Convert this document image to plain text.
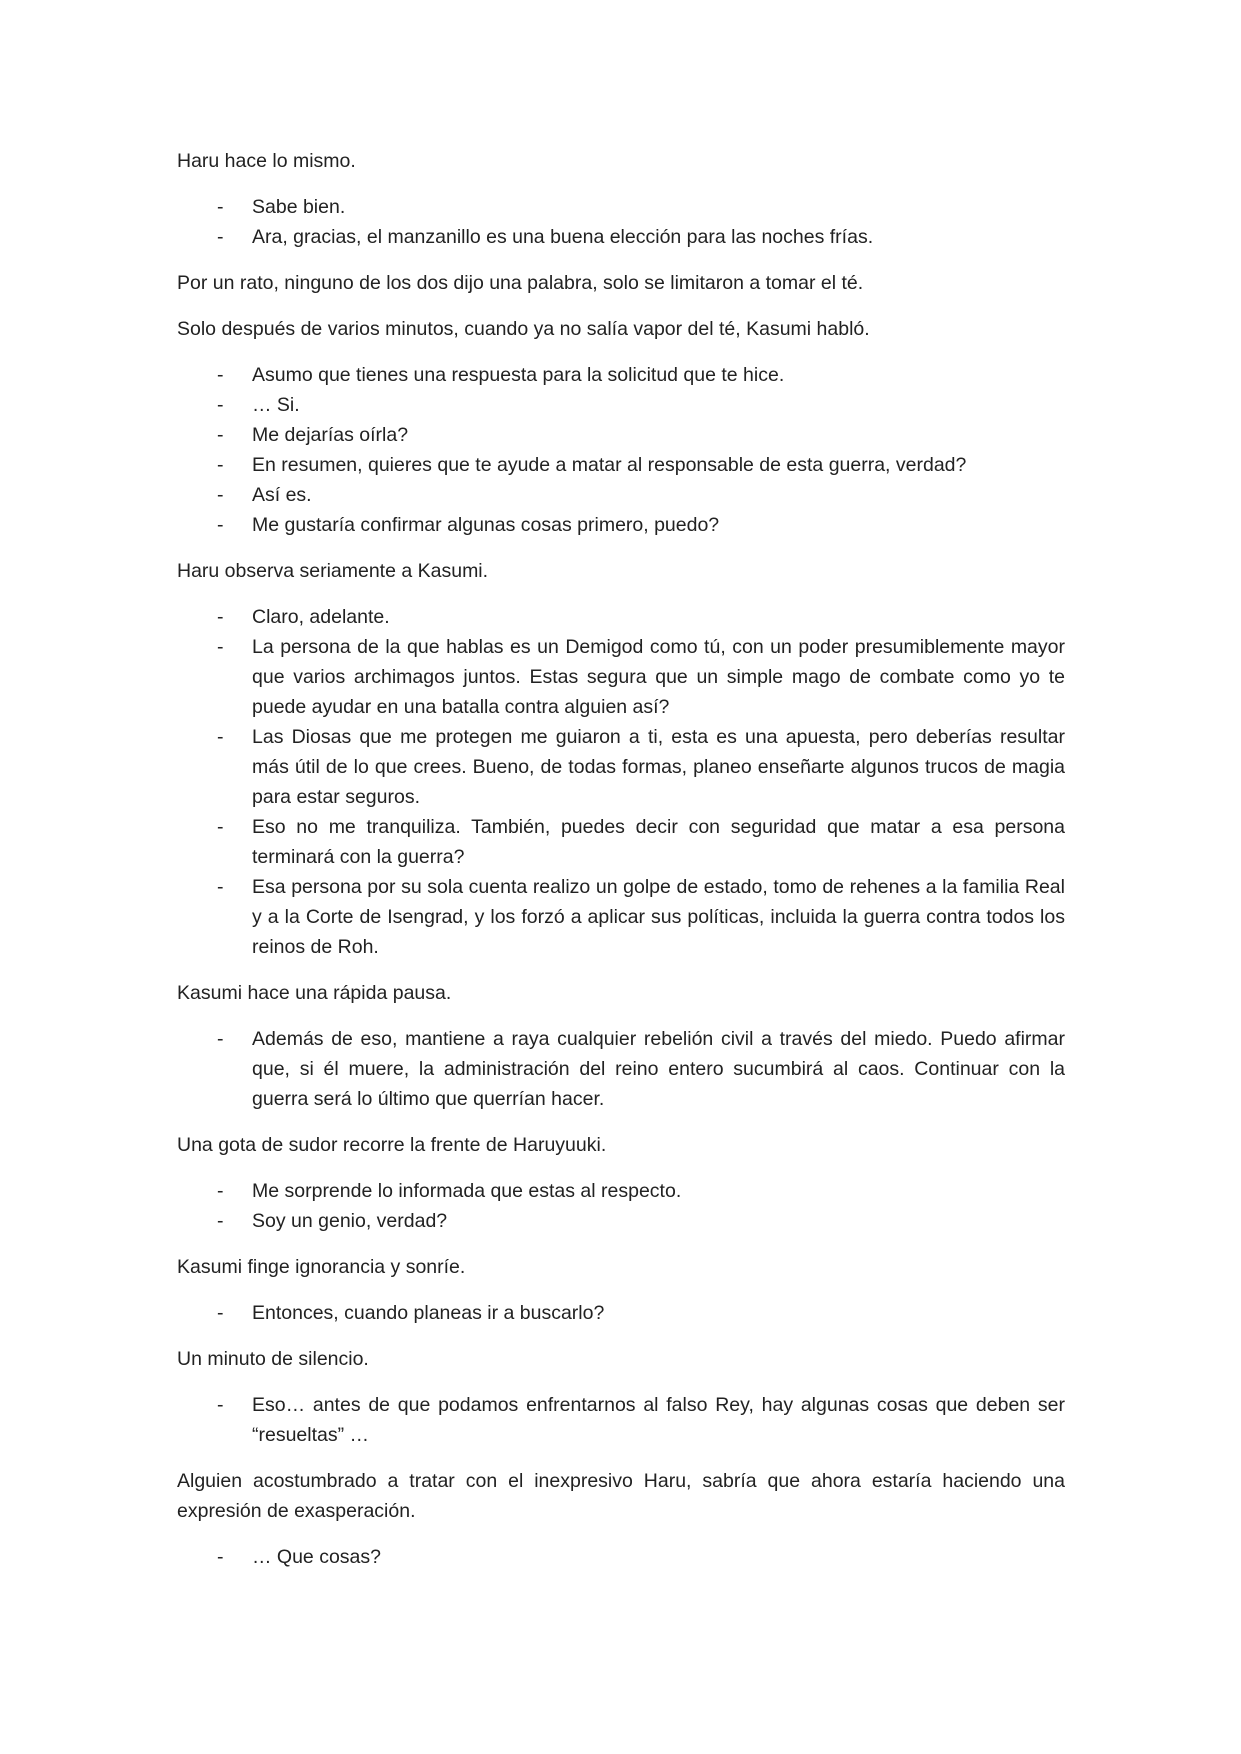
Haru hace lo mismo.

- Sabe bien.
- Ara, gracias, el manzanillo es una buena elección para las noches frías.

Por un rato, ninguno de los dos dijo una palabra, solo se limitaron a tomar el té.

Solo después de varios minutos, cuando ya no salía vapor del té, Kasumi habló.

- Asumo que tienes una respuesta para la solicitud que te hice.
- … Si.
- Me dejarías oírla?
- En resumen, quieres que te ayude a matar al responsable de esta guerra, verdad?
- Así es.
- Me gustaría confirmar algunas cosas primero, puedo?

Haru observa seriamente a Kasumi.

- Claro, adelante.
- La persona de la que hablas es un Demigod como tú, con un poder presumiblemente mayor que varios archimagos juntos. Estas segura que un simple mago de combate como yo te puede ayudar en una batalla contra alguien así?
- Las Diosas que me protegen me guiaron a ti, esta es una apuesta, pero deberías resultar más útil de lo que crees. Bueno, de todas formas, planeo enseñarte algunos trucos de magia para estar seguros.
- Eso no me tranquiliza. También, puedes decir con seguridad que matar a esa persona terminará con la guerra?
- Esa persona por su sola cuenta realizo un golpe de estado, tomo de rehenes a la familia Real y a la Corte de Isengrad, y los forzó a aplicar sus políticas, incluida la guerra contra todos los reinos de Roh.

Kasumi hace una rápida pausa.

- Además de eso, mantiene a raya cualquier rebelión civil a través del miedo. Puedo afirmar que, si él muere, la administración del reino entero sucumbirá al caos. Continuar con la guerra será lo último que querrían hacer.

Una gota de sudor recorre la frente de Haruyuuki.

- Me sorprende lo informada que estas al respecto.
- Soy un genio, verdad?

Kasumi finge ignorancia y sonríe.

- Entonces, cuando planeas ir a buscarlo?

Un minuto de silencio.

- Eso… antes de que podamos enfrentarnos al falso Rey, hay algunas cosas que deben ser “resueltas” …

Alguien acostumbrado a tratar con el inexpresivo Haru, sabría que ahora estaría haciendo una expresión de exasperación.

- … Que cosas?
